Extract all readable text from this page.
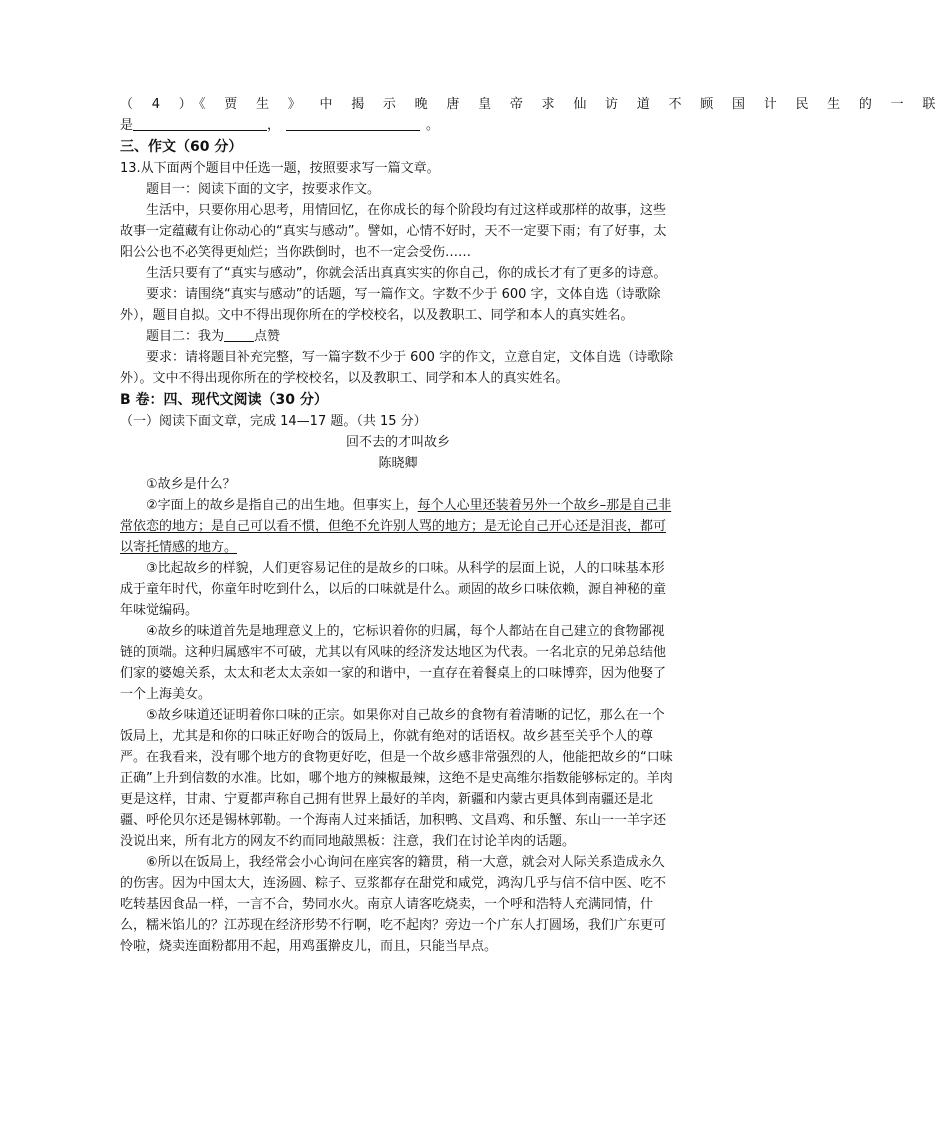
（ 4 ）《 贾 生 》 中 揭 示 晚 唐 皇 帝 求 仙 访 道 不 顾 国 计 民 生 的 一 联
是	，	。
三、作文（60 分）
13.从下面两个题目中任选一题，按照要求写一篇文章。
题目一：阅读下面的文字，按要求作文。
生活中，只要你用心思考，用情回忆，在你成长的每个阶段均有过这样或那样的故事，这些故事一定蕴藏有让你动心的“真实与感动”。譬如，心情不好时，天不一定要下雨；有了好事，太阳公公也不必笑得更灿烂；当你跌倒时，也不一定会受伤……
生活只要有了“真实与感动”，你就会活出真真实实的你自己，你的成长才有了更多的诗意。
要求：请围绕“真实与感动”的话题，写一篇作文。字数不少于 600 字，文体自选（诗歌除外），题目自拟。文中不得出现你所在的学校校名，以及教职工、同学和本人的真实姓名。
题目二：我为 点赞
要求：请将题目补充完整，写一篇字数不少于 600 字的作文，立意自定，文体自选（诗歌除外）。文中不得出现你所在的学校校名，以及教职工、同学和本人的真实姓名。
B 卷：四、现代文阅读（30 分）
（一）阅读下面文章，完成 14—17 题。（共 15 分）
回不去的才叫故乡
陈晓卿
①故乡是什么？
②字面上的故乡是指自己的出生地。但事实上，每个人心里还装着另外一个故乡–那是自己非常依恋的地方；是自己可以看不惯，但绝不允许别人骂的地方；是无论自己开心还是泪丧，都可以寄托情感的地方。
③比起故乡的样貌，人们更容易记住的是故乡的口味。从科学的层面上说，人的口味基本形成于童年时代，你童年时吃到什么，以后的口味就是什么。顽固的故乡口味依赖，源自神秘的童年味觉编码。
④故乡的味道首先是地理意义上的，它标识着你的归属，每个人都站在自己建立的食物鄙视链的顶端。这种归属感牢不可破，尤其以有风味的经济发达地区为代表。一名北京的兄弟总结他们家的婆媳关系，太太和老太太亲如一家的和谐中，一直存在着餐桌上的口味博弈，因为他娶了一个上海美女。
⑤故乡味道还证明着你口味的正宗。如果你对自己故乡的食物有着清晰的记忆，那么在一个饭局上，尤其是和你的口味正好吻合的饭局上，你就有绝对的话语权。故乡甚至关乎个人的尊严。在我看来，没有哪个地方的食物更好吃，但是一个故乡感非常强烈的人，他能把故乡的“口味正确”上升到信数的水准。比如，哪个地方的辣椒最辣，这绝不是史高维尔指数能够标定的。羊肉更是这样，甘肃、宁夏都声称自己拥有世界上最好的羊肉，新疆和内蒙古更具体到南疆还是北疆、呼伦贝尔还是锡林郭勒。一个海南人过来插话，加积鸭、文昌鸡、和乐蟹、东山一一羊字还没说出来，所有北方的网友不约而同地敲黑板：注意，我们在讨论羊肉的话题。
⑥所以在饭局上，我经常会小心询问在座宾客的籍贯，稍一大意，就会对人际关系造成永久的伤害。因为中国太大，连汤圆、粽子、豆浆都存在甜党和咸党，鸿沟几乎与信不信中医、吃不吃转基因食品一样，一言不合，势同水火。南京人请客吃烧卖，一个呼和浩特人充满同情，什么，糯米馅儿的？江苏现在经济形势不行啊，吃不起肉？旁边一个广东人打圆场，我们广东更可怜啦，烧卖连面粉都用不起，用鸡蛋擀皮儿，而且，只能当早点。
